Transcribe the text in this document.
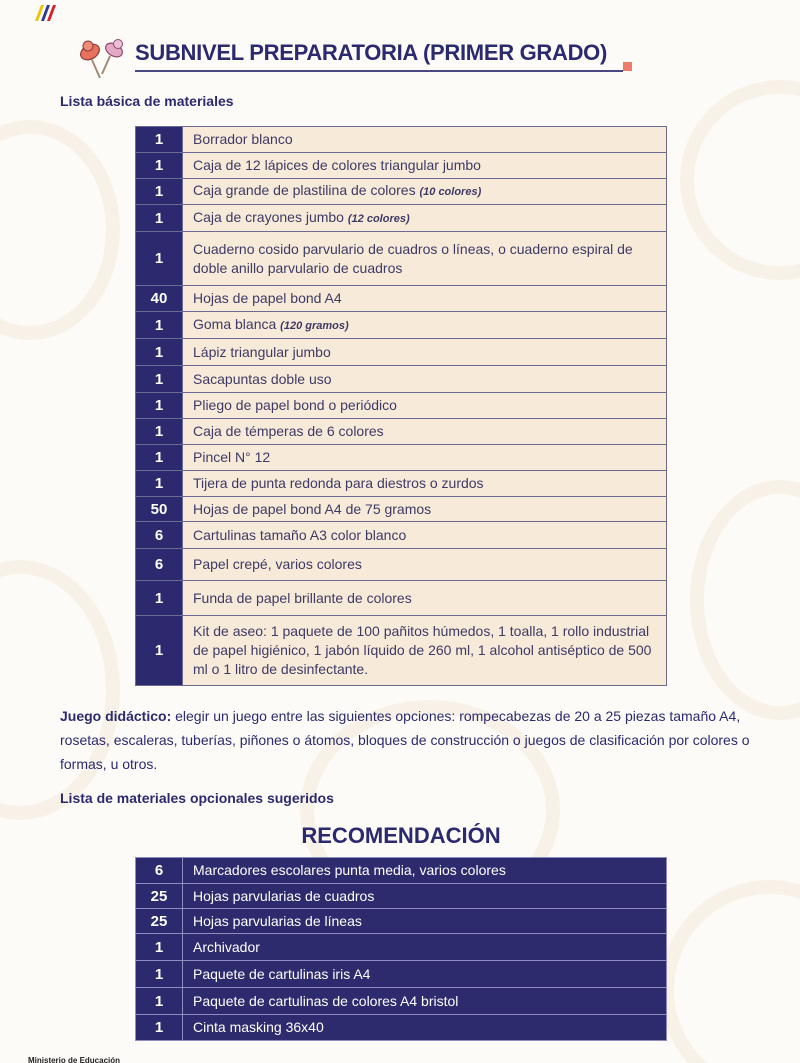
SUBNIVEL PREPARATORIA (PRIMER GRADO)
Lista básica de materiales
1	Borrador blanco
1	Caja de 12 lápices de colores triangular jumbo
1	Caja grande de plastilina de colores (10 colores)
1	Caja de crayones jumbo (12 colores)
1	Cuaderno cosido parvulario de cuadros o líneas, o cuaderno espiral de doble anillo parvulario de cuadros
40	Hojas de papel bond A4
1	Goma blanca (120 gramos)
1	Lápiz triangular jumbo
1	Sacapuntas doble uso
1	Pliego de papel bond o periódico
1	Caja de témperas de 6 colores
1	Pincel N° 12
1	Tijera de punta redonda para diestros o zurdos
50	Hojas de papel bond A4 de 75 gramos
6	Cartulinas tamaño A3 color blanco
6	Papel crepé, varios colores
1	Funda de papel brillante de colores
1	Kit de aseo: 1 paquete de 100 pañitos húmedos, 1 toalla, 1 rollo industrial de papel higiénico, 1 jabón líquido de 260 ml, 1 alcohol antiséptico de 500 ml o 1 litro de desinfectante.
Juego didáctico: elegir un juego entre las siguientes opciones: rompecabezas de 20 a 25 piezas tamaño A4, rosetas, escaleras, tuberías, piñones o átomos, bloques de construcción o juegos de clasificación por colores o formas, u otros.
Lista de materiales opcionales sugeridos
RECOMENDACIÓN
6	Marcadores escolares punta media, varios colores
25	Hojas parvularias de cuadros
25	Hojas parvularias de líneas
1	Archivador
1	Paquete de cartulinas iris A4
1	Paquete de cartulinas de colores A4 bristol
1	Cinta masking 36x40
Ministerio de Educación
